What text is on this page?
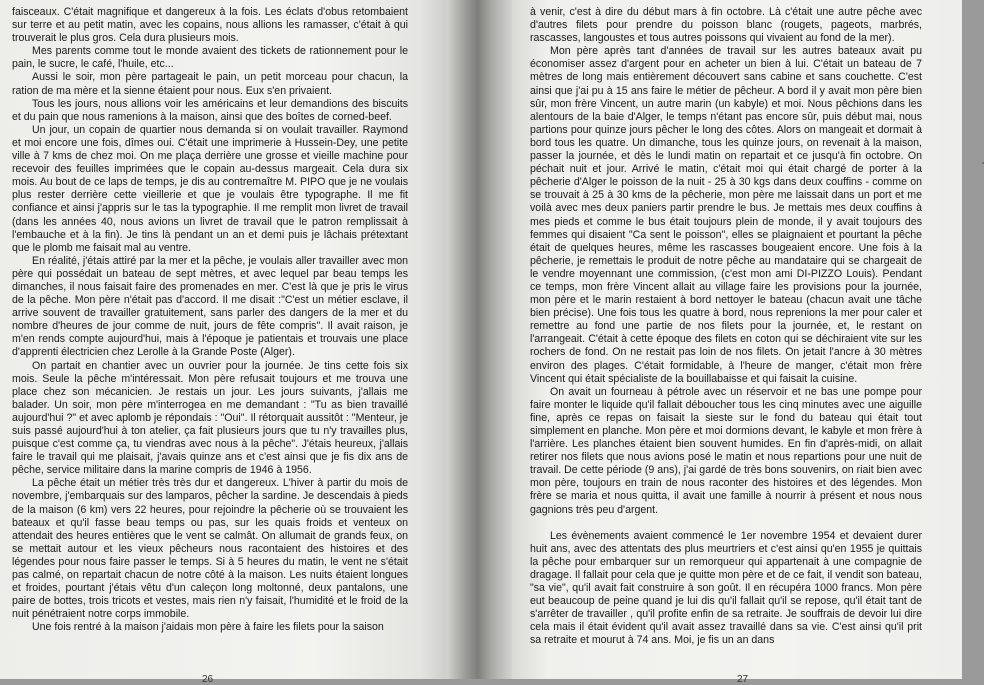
faisceaux. C'était magnifique et dangereux à la fois. Les éclats d'obus retombaient sur terre et au petit matin, avec les copains, nous allions les ramasser, c'était à qui trouverait le plus gros. Cela dura plusieurs mois.

Mes parents comme tout le monde avaient des tickets de rationnement pour le pain, le sucre, le café, l'huile, etc...

Aussi le soir, mon père partageait le pain, un petit morceau pour chacun, la ration de ma mère et la sienne étaient pour nous. Eux s'en privaient.

Tous les jours, nous allions voir les américains et leur demandions des biscuits et du pain que nous ramenions à la maison, ainsi que des boîtes de corned-beef.

Un jour, un copain de quartier nous demanda si on voulait travailler. Raymond et moi encore une fois, dîmes oui. C'était une imprimerie à Hussein-Dey, une petite ville à 7 kms de chez moi. On me plaça derrière une grosse et vieille machine pour recevoir des feuilles imprimées que le copain au-dessus margeait. Cela dura six mois. Au bout de ce laps de temps, je dis au contremaître M. PIPO que je ne voulais plus rester derrière cette vieillerie et que je voulais être typographe. Il me fit confiance et ainsi j'appris sur le tas la typographie. Il me remplit mon livret de travail (dans les années 40, nous avions un livret de travail que le patron remplissait à l'embauche et à la fin). Je tins là pendant un an et demi puis je lâchais prétextant que le plomb me faisait mal au ventre.

En réalité, j'étais attiré par la mer et la pêche, je voulais aller travailler avec mon père qui possédait un bateau de sept mètres, et avec lequel par beau temps les dimanches, il nous faisait faire des promenades en mer. C'est là que je pris le virus de la pêche. Mon père n'était pas d'accord. Il me disait :"C'est un métier esclave, il arrive souvent de travailler gratuitement, sans parler des dangers de la mer et du nombre d'heures de jour comme de nuit, jours de fête compris". Il avait raison, je m'en rends compte aujourd'hui, mais à l'époque je patientais et trouvais une place d'apprenti électricien chez Lerolle à la Grande Poste (Alger).

On partait en chantier avec un ouvrier pour la journée. Je tins cette fois six mois. Seule la pêche m'intéressait. Mon père refusait toujours et me trouva une place chez son mécanicien. Je restais un jour. Les jours suivants, j'allais me balader. Un soir, mon père m'interrogea en me demandant : "Tu as bien travaillé aujourd'hui ?" et avec aplomb je répondais : "Oui". Il rétorquait aussitôt : "Menteur, je suis passé aujourd'hui à ton atelier, ça fait plusieurs jours que tu n'y travailles plus, puisque c'est comme ça, tu viendras avec nous à la pêche". J'étais heureux, j'allais faire le travail qui me plaisait, j'avais quinze ans et c'est ainsi que je fis dix ans de pêche, service militaire dans la marine compris de 1946 à 1956.

La pêche était un métier très très dur et dangereux. L'hiver à partir du mois de novembre, j'embarquais sur des lamparos, pêcher la sardine. Je descendais à pieds de la maison (6 km) vers 22 heures, pour rejoindre la pêcherie où se trouvaient les bateaux et qu'il fasse beau temps ou pas, sur les quais froids et venteux on attendait des heures entières que le vent se calmât. On allumait de grands feux, on se mettait autour et les vieux pêcheurs nous racontaient des histoires et des légendes pour nous faire passer le temps. Si à 5 heures du matin, le vent ne s'était pas calmé, on repartait chacun de notre côté à la maison. Les nuits étaient longues et froides, pourtant j'étais vêtu d'un caleçon long moltonné, deux pantalons, une paire de bottes, trois tricots et vestes, mais rien n'y faisait, l'humidité et le froid de la nuit pénétraient notre corps immobile.

Une fois rentré à la maison j'aidais mon père à faire les filets pour la saison

26

à venir, c'est à dire du début mars à fin octobre. Là c'était une autre pêche avec d'autres filets pour prendre du poisson blanc (rougets, pageots, marbrés, rascasses, langoustes et tous autres poissons qui vivaient au fond de la mer).

Mon père après tant d'années de travail sur les autres bateaux avait pu économiser assez d'argent pour en acheter un bien à lui. C'était un bateau de 7 mètres de long mais entièrement découvert sans cabine et sans couchette. C'est ainsi que j'ai pu à 15 ans faire le métier de pêcheur. A bord il y avait mon père bien sûr, mon frère Vincent, un autre marin (un kabyle) et moi. Nous pêchions dans les alentours de la baie d'Alger, le temps n'étant pas encore sûr, puis début mai, nous partions pour quinze jours pêcher le long des côtes. Alors on mangeait et dormait à bord tous les quatre. Un dimanche, tous les quinze jours, on revenait à la maison, passer la journée, et dès le lundi matin on repartait et ce jusqu'à fin octobre. On péchait nuit et jour. Arrivé le matin, c'était moi qui était chargé de porter à la pêcherie d'Alger le poisson de la nuit - 25 à 30 kgs dans deux couffins - comme on se trouvait à 25 à 30 kms de la pêcherie, mon père me laissait dans un port et me voilà avec mes deux paniers partir prendre le bus. Je mettais mes deux couffins à mes pieds et comme le bus était toujours plein de monde, il y avait toujours des femmes qui disaient "Ca sent le poisson", elles se plaignaient et pourtant la pêche était de quelques heures, même les rascasses bougeaient encore. Une fois à la pêcherie, je remettais le produit de notre pêche au mandataire qui se chargeait de le vendre moyennant une commission, (c'est mon ami DI-PIZZO Louis). Pendant ce temps, mon frère Vincent allait au village faire les provisions pour la journée, mon père et le marin restaient à bord nettoyer le bateau (chacun avait une tâche bien précise). Une fois tous les quatre à bord, nous reprenions la mer pour caler et remettre au fond une partie de nos filets pour la journée, et, le restant on l'arrangeait. C'était à cette époque des filets en coton qui se déchiraient vite sur les rochers de fond. On ne restait pas loin de nos filets. On jetait l'ancre à 30 mètres environ des plages. C'était formidable, à l'heure de manger, c'était mon frère Vincent qui était spécialiste de la bouillabaisse et qui faisait la cuisine.

On avait un fourneau à pétrole avec un réservoir et ne bas une pompe pour faire monter le liquide qu'il fallait déboucher tous les cinq minutes avec une aiguille fine, après ce repas on faisait la sieste sur le fond du bateau qui était tout simplement en planche. Mon père et moi dormions devant, le kabyle et mon frère à l'arrière. Les planches étaient bien souvent humides. En fin d'après-midi, on allait retirer nos filets que nous avions posé le matin et nous repartions pour une nuit de travail. De cette période (9 ans), j'ai gardé de très bons souvenirs, on riait bien avec mon père, toujours en train de nous raconter des histoires et des légendes. Mon frère se maria et nous quitta, il avait une famille à nourrir à présent et nous nous gagnions très peu d'argent.

Les évènements avaient commencé le 1er novembre 1954 et devaient durer huit ans, avec des attentats des plus meurtriers et c'est ainsi qu'en 1955 je quittais la pêche pour embarquer sur un remorqueur qui appartenait à une compagnie de dragage. Il fallait pour cela que je quitte mon père et de ce fait, il vendit son bateau, "sa vie", qu'il avait fait construire à son goût. Il en récupéra 1000 francs. Mon père eut beaucoup de peine quand je lui dis qu'il fallait qu'il se repose, qu'il était tant de s'arrêter de travailler , qu'il profite enfin de sa retraite. Je souffrais de devoir lui dire cela mais il était évident qu'il avait assez travaillé dans sa vie. C'est ainsi qu'il prit sa retraite et mourut à 74 ans. Moi, je fis un an dans

27
